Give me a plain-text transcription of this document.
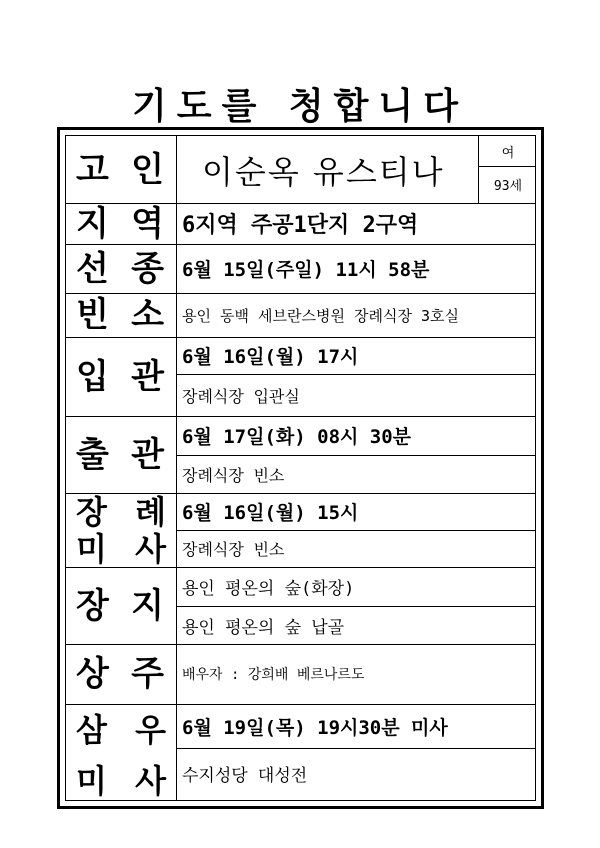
기도를 청합니다
고 인 이순옥 유스티나	여
93세
지 역 6지역 주공1단지 2구역
선 종 6월 15일(주일) 11시 58분
빈 소 용인 동백 세브란스병원 장례식장 3호실
입 관 6월 16일(월) 17시
장례식장 입관실
출 관 6월 17일(화) 08시 30분
장례식장 빈소
장 례
미 사
6월 16일(월) 15시
장례식장 빈소
장 지 용인 평온의 숲(화장)
용인 평온의 숲 납골
상 주 배우자 : 강희배 베르나르도
삼 우
미 사
6월 19일(목) 19시30분 미사
수지성당 대성전
